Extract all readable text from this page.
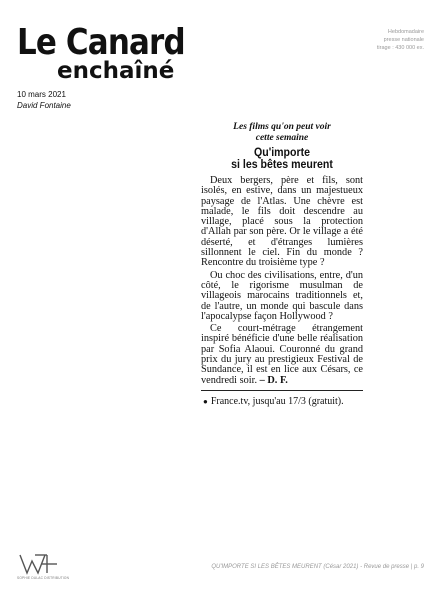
Le Canard
enchaîné
10 mars 2021
David Fontaine
Hebdomadaire
presse nationale
tirage : 430 000 ex.
Les films qu'on peut voir
cette semaine
Qu'importe
si les bêtes meurent

Deux bergers, père et fils, sont isolés, en estive, dans un majestueux paysage de l'Atlas. Une chèvre est malade, le fils doit descendre au village, placé sous la protection d'Allah par son père. Or le village a été déserté, et d'étranges lumières sillonnent le ciel. Fin du monde ? Rencontre du troisième type ?

Ou choc des civilisations, entre, d'un côté, le rigorisme musulman de villageois marocains traditionnels et, de l'autre, un monde qui bascule dans l'apocalypse façon Hollywood ?

Ce court-métrage étrangement inspiré bénéficie d'une belle réalisation par Sofia Alaoui. Couronné du grand prix du jury au prestigieux Festival de Sundance, il est en lice aux Césars, ce vendredi soir. – D. F.

● France.tv, jusqu'au 17/3 (gratuit).
SOPHIE DULAC DISTRIBUTION
QU'IMPORTE SI LES BÊTES MEURENT (César 2021) - Revue de presse | p. 9
